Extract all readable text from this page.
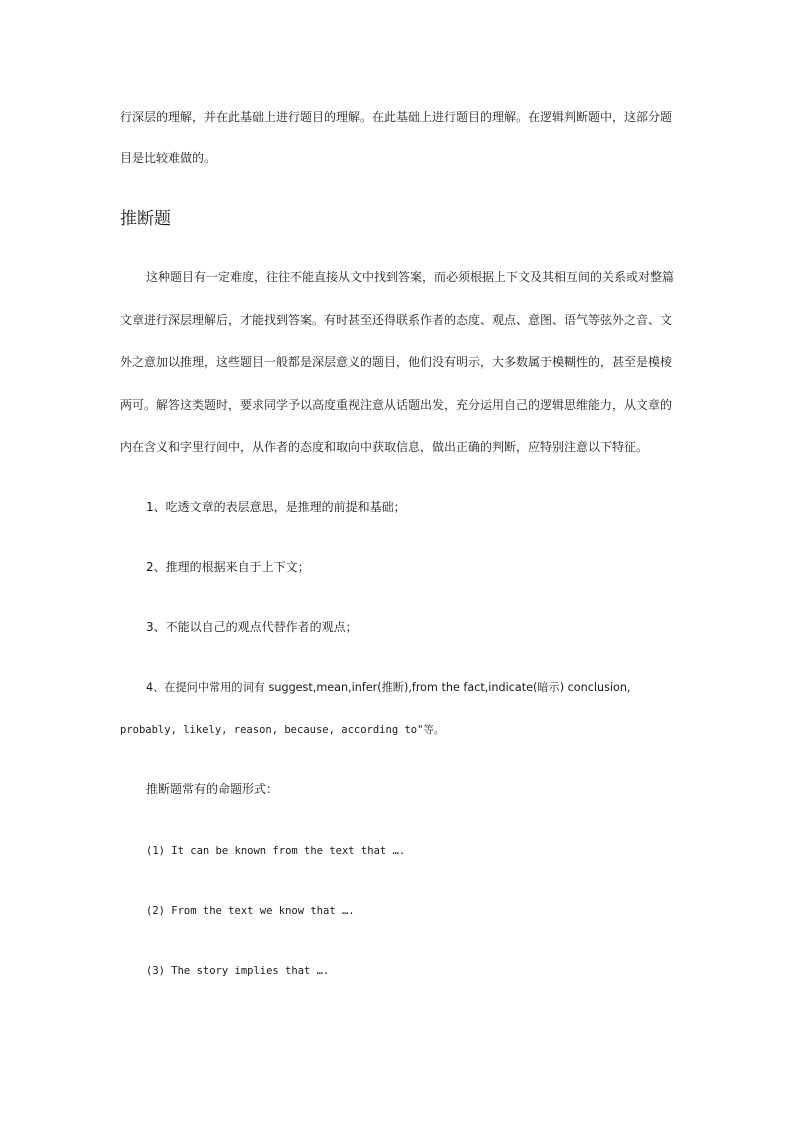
行深层的理解，并在此基础上进行题目的理解。在此基础上进行题目的理解。在逻辑判断题中，这部分题
目是比较难做的。
推断题
这种题目有一定难度，往往不能直接从文中找到答案，而必须根据上下文及其相互间的关系或对整篇
文章进行深层理解后，才能找到答案。有时甚至还得联系作者的态度、观点、意图、语气等弦外之音、文
外之意加以推理，这些题目一般都是深层意义的题目，他们没有明示，大多数属于模糊性的，甚至是模棱
两可。解答这类题时，要求同学予以高度重视注意从话题出发，充分运用自己的逻辑思维能力，从文章的
内在含义和字里行间中，从作者的态度和取向中获取信息，做出正确的判断，应特别注意以下特征。
1、吃透文章的表层意思，是推理的前提和基础；
2、推理的根据来自于上下文；
3、不能以自己的观点代替作者的观点；
4、在提问中常用的词有 suggest,mean,infer(推断),from the fact,indicate(暗示) conclusion,
probably, likely, reason, because, according to"等。
推断题常有的命题形式：
(1) It can be known from the text that ….
(2) From the text we know that ….
(3) The story implies that ….
